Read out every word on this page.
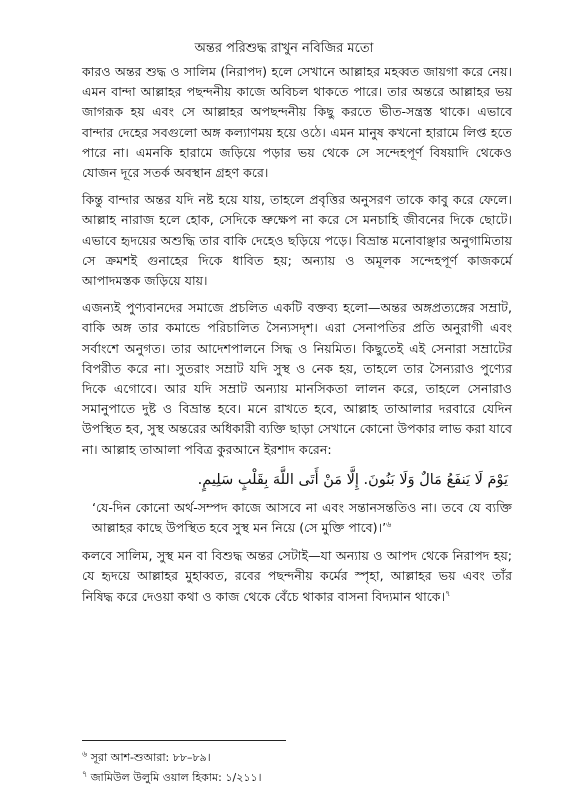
অন্তর পরিশুদ্ধ রাখুন নবিজির মতো

কারও অন্তর শুদ্ধ ও সালিম (নিরাপদ) হলে সেখানে আল্লাহর মহব্বত জায়গা করে নেয়। এমন বান্দা আল্লাহর পছন্দনীয় কাজে অবিচল থাকতে পারে। তার অন্তরে আল্লাহর ভয় জাগরূক হয় এবং সে আল্লাহর অপছন্দনীয় কিছু করতে ভীত-সন্ত্রস্ত থাকে। এভাবে বান্দার দেহের সবগুলো অঙ্গ কল্যাণময় হয়ে ওঠে। এমন মানুষ কখনো হারামে লিপ্ত হতে পারে না। এমনকি হারামে জড়িয়ে পড়ার ভয় থেকে সে সন্দেহপূর্ণ বিষয়াদি থেকেও যোজন দূরে সতর্ক অবস্থান গ্রহণ করে।

কিন্তু বান্দার অন্তর যদি নষ্ট হয়ে যায়, তাহলে প্রবৃত্তির অনুসরণ তাকে কাবু করে ফেলে। আল্লাহ নারাজ হলে হোক, সেদিকে ভ্রুক্ষেপ না করে সে মনচাহি জীবনের দিকে ছোটে। এভাবে হৃদয়ের অশুদ্ধি তার বাকি দেহেও ছড়িয়ে পড়ে। বিভ্রান্ত মনোবাঞ্ছার অনুগামিতায় সে ক্রমশই গুনাহের দিকে ধাবিত হয়; অন্যায় ও অমূলক সন্দেহপূর্ণ কাজকর্মে আপাদমস্তক জড়িয়ে যায়।

এজন্যই পুণ্যবানদের সমাজে প্রচলিত একটি বক্তব্য হলো—অন্তর অঙ্গপ্রত্যঙ্গের সম্রাট, বাকি অঙ্গ তার কমান্ডে পরিচালিত সৈন্যসদৃশ। এরা সেনাপতির প্রতি অনুরাগী এবং সর্বাংশে অনুগত। তার আদেশপালনে সিদ্ধ ও নিয়মিত। কিছুতেই এই সেনারা সম্রাটের বিপরীত করে না। সুতরাং সম্রাট যদি সুস্থ ও নেক হয়, তাহলে তার সৈন্যরাও পুণ্যের দিকে এগোবে। আর যদি সম্রাট অন্যায় মানসিকতা লালন করে, তাহলে সেনারাও সমানুপাতে দুষ্ট ও বিভ্রান্ত হবে। মনে রাখতে হবে, আল্লাহ তাআলার দরবারে যেদিন উপস্থিত হব, সুস্থ অন্তরের অধিকারী ব্যক্তি ছাড়া সেখানে কোনো উপকার লাভ করা যাবে না। আল্লাহ তাআলা পবিত্র কুরআনে ইরশাদ করেন:

يَوْمَ لَا يَنفَعُ مَالٌ وَلَا بَنُونَ. إِلَّا مَنْ أَتَى اللَّهَ بِقَلْبٍ سَلِيمٍ.

‘যে-দিন কোনো অর্থ-সম্পদ কাজে আসবে না এবং সন্তানসন্ততিও না। তবে যে ব্যক্তি আল্লাহর কাছে উপস্থিত হবে সুস্থ মন নিয়ে (সে মুক্তি পাবে)।’$^৬$

কলবে সালিম, সুস্থ মন বা বিশুদ্ধ অন্তর সেটাই—যা অন্যায় ও আপদ থেকে নিরাপদ হয়; যে হৃদয়ে আল্লাহর মুহাব্বত, রবের পছন্দনীয় কর্মের স্পৃহা, আল্লাহর ভয় এবং তাঁর নিষিদ্ধ করে দেওয়া কথা ও কাজ থেকে বেঁচে থাকার বাসনা বিদ্যমান থাকে।$^৭$

$^৬$ সূরা আশ-শুআরা: ৮৮–৮৯।
$^৭$ জামিউল উলুমি ওয়াল হিকাম: ১/২১১।
